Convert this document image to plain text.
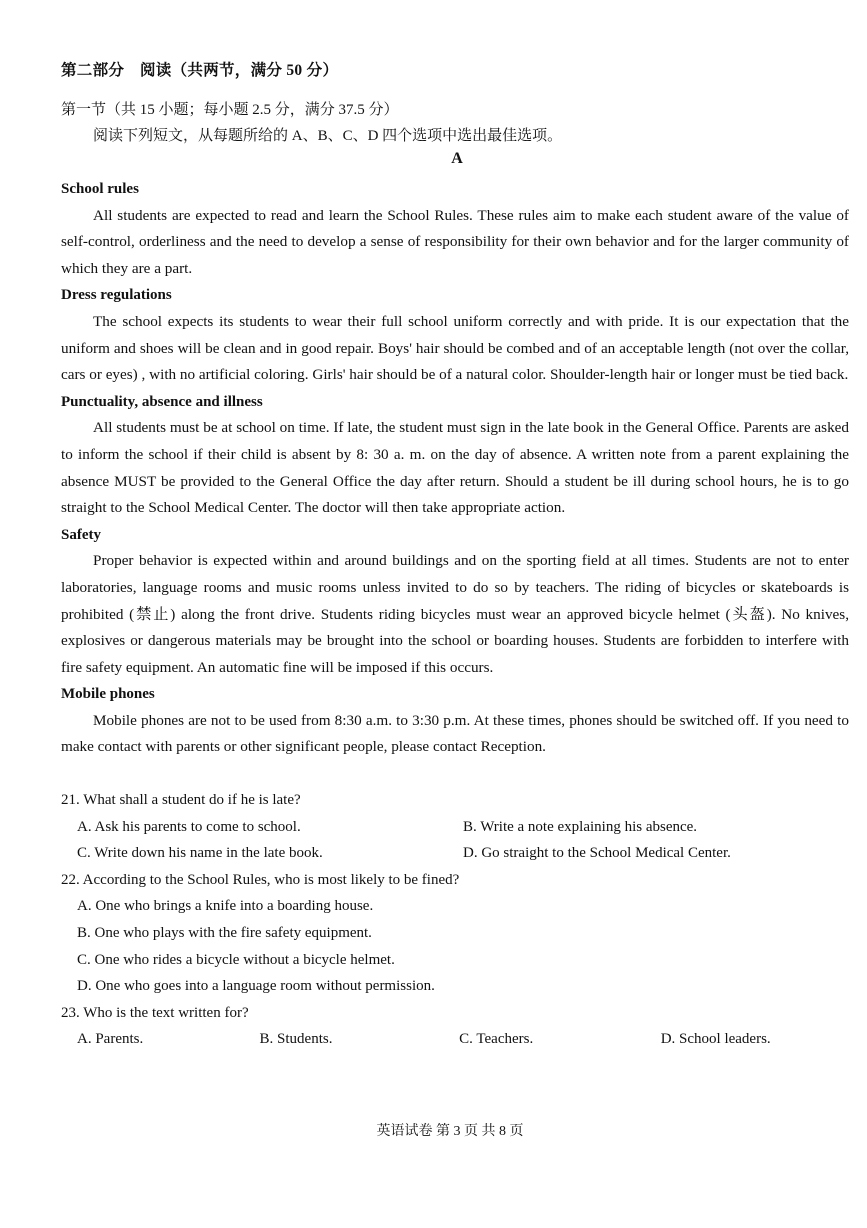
第二部分　阅读（共两节，满分 50 分）
第一节（共 15 小题；每小题 2.5 分，满分 37.5 分）
阅读下列短文，从每题所给的 A、B、C、D 四个选项中选出最佳选项。
A
School rules
All students are expected to read and learn the School Rules. These rules aim to make each student aware of the value of self-control, orderliness and the need to develop a sense of responsibility for their own behavior and for the larger community of which they are a part.
Dress regulations
The school expects its students to wear their full school uniform correctly and with pride. It is our expectation that the uniform and shoes will be clean and in good repair. Boys' hair should be combed and of an acceptable length (not over the collar, cars or eyes) , with no artificial coloring. Girls' hair should be of a natural color. Shoulder-length hair or longer must be tied back.
Punctuality, absence and illness
All students must be at school on time. If late, the student must sign in the late book in the General Office. Parents are asked to inform the school if their child is absent by 8: 30 a. m. on the day of absence. A written note from a parent explaining the absence MUST be provided to the General Office the day after return. Should a student be ill during school hours, he is to go straight to the School Medical Center. The doctor will then take appropriate action.
Safety
Proper behavior is expected within and around buildings and on the sporting field at all times. Students are not to enter laboratories, language rooms and music rooms unless invited to do so by teachers. The riding of bicycles or skateboards is prohibited (禁止) along the front drive. Students riding bicycles must wear an approved bicycle helmet (头盔). No knives, explosives or dangerous materials may be brought into the school or boarding houses. Students are forbidden to interfere with fire safety equipment. An automatic fine will be imposed if this occurs.
Mobile phones
Mobile phones are not to be used from 8:30 a.m. to 3:30 p.m. At these times, phones should be switched off. If you need to make contact with parents or other significant people, please contact Reception.
21. What shall a student do if he is late?
A. Ask his parents to come to school.	B. Write a note explaining his absence.
C. Write down his name in the late book.	D. Go straight to the School Medical Center.
22. According to the School Rules, who is most likely to be fined?
A. One who brings a knife into a boarding house.
B. One who plays with the fire safety equipment.
C. One who rides a bicycle without a bicycle helmet.
D. One who goes into a language room without permission.
23. Who is the text written for?
A. Parents.	B. Students.	C. Teachers.	D. School leaders.
英语试卷 第 3 页 共 8 页
